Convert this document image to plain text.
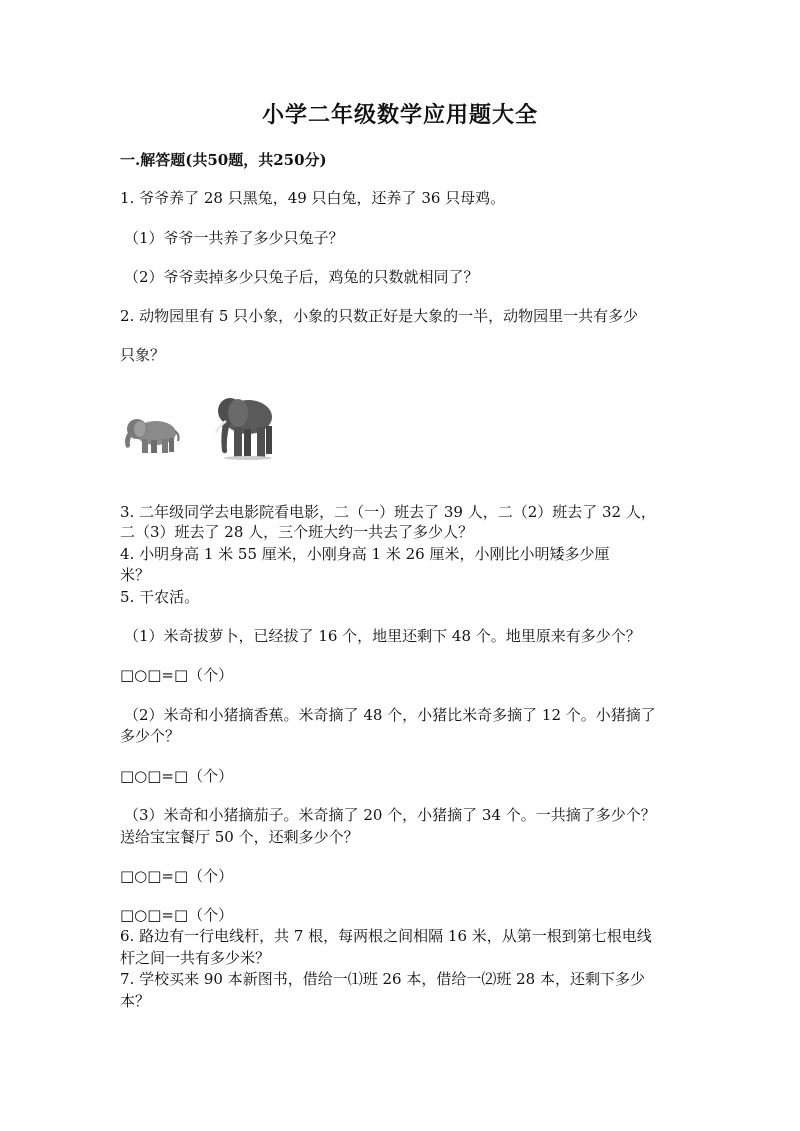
小学二年级数学应用题大全
一.解答题(共50题，共250分)
1. 爷爷养了 28 只黑兔，49 只白兔，还养了 36 只母鸡。
（1）爷爷一共养了多少只兔子？
（2）爷爷卖掉多少只兔子后，鸡兔的只数就相同了？
2. 动物园里有 5 只小象，小象的只数正好是大象的一半，动物园里一共有多少
只象？
3. 二年级同学去电影院看电影，二（一）班去了 39 人，二（2）班去了 32 人，
二（3）班去了 28 人，三个班大约一共去了多少人？
4. 小明身高 1 米 55 厘米，小刚身高 1 米 26 厘米，小刚比小明矮多少厘
米？
5. 干农活。
（1）米奇拔萝卜，已经拔了 16 个，地里还剩下 48 个。地里原来有多少个？
□○□=□（个）
（2）米奇和小猪摘香蕉。米奇摘了 48 个，小猪比米奇多摘了 12 个。小猪摘了
多少个？
□○□=□（个）
（3）米奇和小猪摘茄子。米奇摘了 20 个，小猪摘了 34 个。一共摘了多少个？
送给宝宝餐厅 50 个，还剩多少个？
□○□=□（个）
□○□=□（个）
6. 路边有一行电线杆，共 7 根，每两根之间相隔 16 米，从第一根到第七根电线
杆之间一共有多少米？
7. 学校买来 90 本新图书，借给一⑴班 26 本，借给一⑵班 28 本，还剩下多少
本？
